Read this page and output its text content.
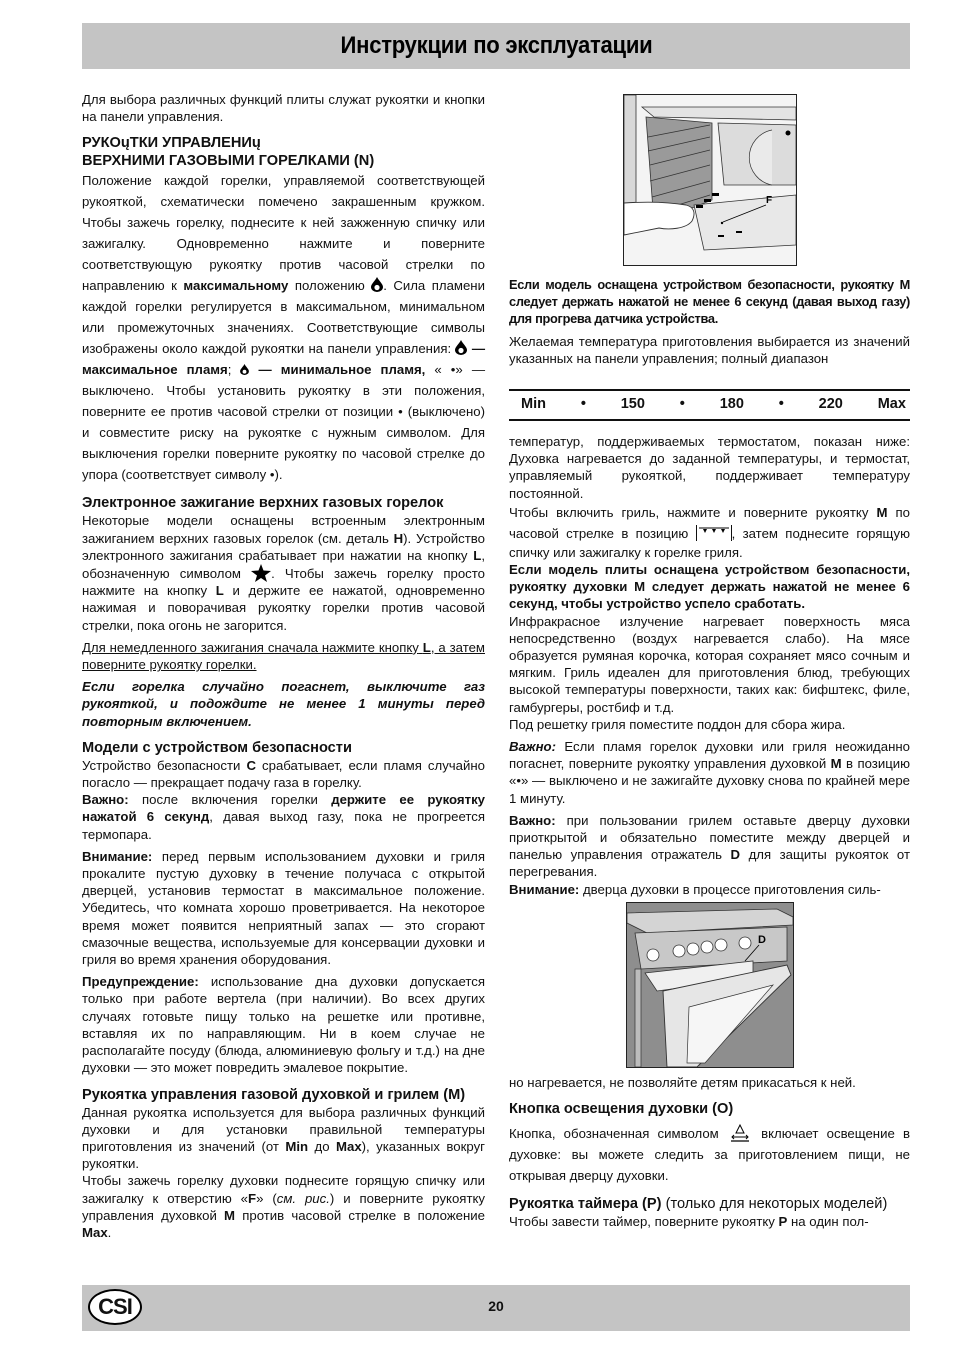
Инструкции по эксплуатации

Для выбора различных функций плиты служат рукоятки и кнопки на панели управления.

РУКОųТКИ УПРАВЛЕНИų
ВЕРХНИМИ ГАЗОВЫМИ ГОРЕЛКАМИ (N)

Положение каждой горелки, управляемой соответствующей рукояткой, схематически помечено закрашенным кружком. Чтобы зажечь горелку, поднесите к ней зажженную спичку или зажигалку. Одновременно нажмите и поверните соответствующую рукоятку против часовой стрелки по направлению к максимальному положению . Сила пламени каждой горелки регулируется в максимальном, минимальном или промежуточных значениях. Соответствующие символы изображены около каждой рукоятки на панели управления: — максимальное пламя; — минимальное пламя, « •» — выключено. Чтобы установить рукоятку в эти положения, поверните ее против часовой стрелки от позиции • (выключено) и совместите риску на рукоятке с нужным символом. Для выключения горелки поверните рукоятку по часовой стрелке до упора (соответствует символу •).

Электронное зажигание верхних газовых горелок

Некоторые модели оснащены встроенным электронным зажиганием верхних газовых горелок (см. деталь H). Устройство электронного зажигания срабатывает при нажатии на кнопку L, обозначенную символом . Чтобы зажечь горелку просто нажмите на кнопку L и держите ее нажатой, одновременно нажимая и поворачивая рукоятку горелки против часовой стрелки, пока огонь не загорится.

Для немедленного зажигания сначала нажмите кнопку L, а затем поверните рукоятку горелки.

Если горелка случайно погаснет, выключите газ рукояткой, и подождите не менее 1 минуты перед повторным включением.

Модели с устройством безопасности

Устройство безопасности C срабатывает, если пламя случайно погасло — прекращает подачу газа в горелку.

Важно: после включения горелки держите ее рукоятку нажатой 6 секунд, давая выход газу, пока не прогреется термопара.

Внимание: перед первым использованием духовки и гриля прокалите пустую духовку в течение получаса с открытой дверцей, установив термостат в максимальное положение. Убедитесь, что комната хорошо проветривается. На некоторое время может появится неприятный запах — это сгорают смазочные вещества, используемые для консервации духовки и гриля во время хранения оборудования.

Предупреждение: использование дна духовки допускается только при работе вертела (при наличии). Во всех других случаях готовьте пищу только на решетке или противне, вставляя их по направляющим. Ни в коем случае не располагайте посуду (блюда, алюминиевую фольгу и т.д.) на дне духовки — это может повредить эмалевое покрытие.

Рукоятка управления газовой духовкой и грилем (M)

Данная рукоятка используется для выбора различных функций духовки и для установки правильной температуры приготовления из значений (от Min до Max), указанных вокруг рукоятки.

Чтобы зажечь горелку духовки поднесите горящую спичку или зажигалку к отверстию «F» (см. рис.) и поверните рукоятку управления духовкой M против часовой стрелке в положение Max.

F

Если модель оснащена устройством безопасности, рукоятку M следует держать нажатой не менее 6 секунд (давая выход газу) для прогрева датчика устройства.

Желаемая температура приготовления выбирается из значений указанных на панели управления; полный диапазон

Min • 150 • 180 • 220 Max

температур, поддерживаемых термостатом, показан ниже: Духовка нагревается до заданной температуры, и термостат, управляемый рукояткой, поддерживает температуру постоянной.

Чтобы включить гриль, нажмите и поверните рукоятку M по часовой стрелке в позицию	, затем поднесите горящую спичку или зажигалку к горелке гриля.

Если модель плиты оснащена устройством безопасности, рукоятку духовки M следует держать нажатой не менее 6 секунд, чтобы устройство успело сработать.

Инфракрасное излучение нагревает поверхность мяса непосредственно (воздух нагревается слабо). На мясе образуется румяная корочка, которая сохраняет мясо сочным и мягким. Гриль идеален для приготовления блюд, требующих высокой температуры поверхности, таких как: бифштекс, филе, гамбургеры, ростбиф и т.д.

Под решетку гриля поместите поддон для сбора жира.

Важно: Если пламя горелок духовки или гриля неожиданно погаснет, поверните рукоятку управления духовкой M в позицию «•» — выключено и не зажигайте духовку снова по крайней мере 1 минуту.

Важно: при пользовании грилем оставьте дверцу духовки приоткрытой и обязательно поместите между дверцей и панелью управления отражатель D для защиты рукояток от перегревания.

Внимание: дверца духовки в процессе приготовления силь-

D

но нагревается, не позволяйте детям прикасаться к ней.

Кнопка освещения духовки (O)

Кнопка, обозначенная символом	включает освещение в духовке: вы можете следить за приготовлением пищи, не открывая дверцу духовки.

Рукоятка таймера (P) (только для некоторых моделей)

Чтобы завести таймер, поверните рукоятку P на один пол-

CSI	20
